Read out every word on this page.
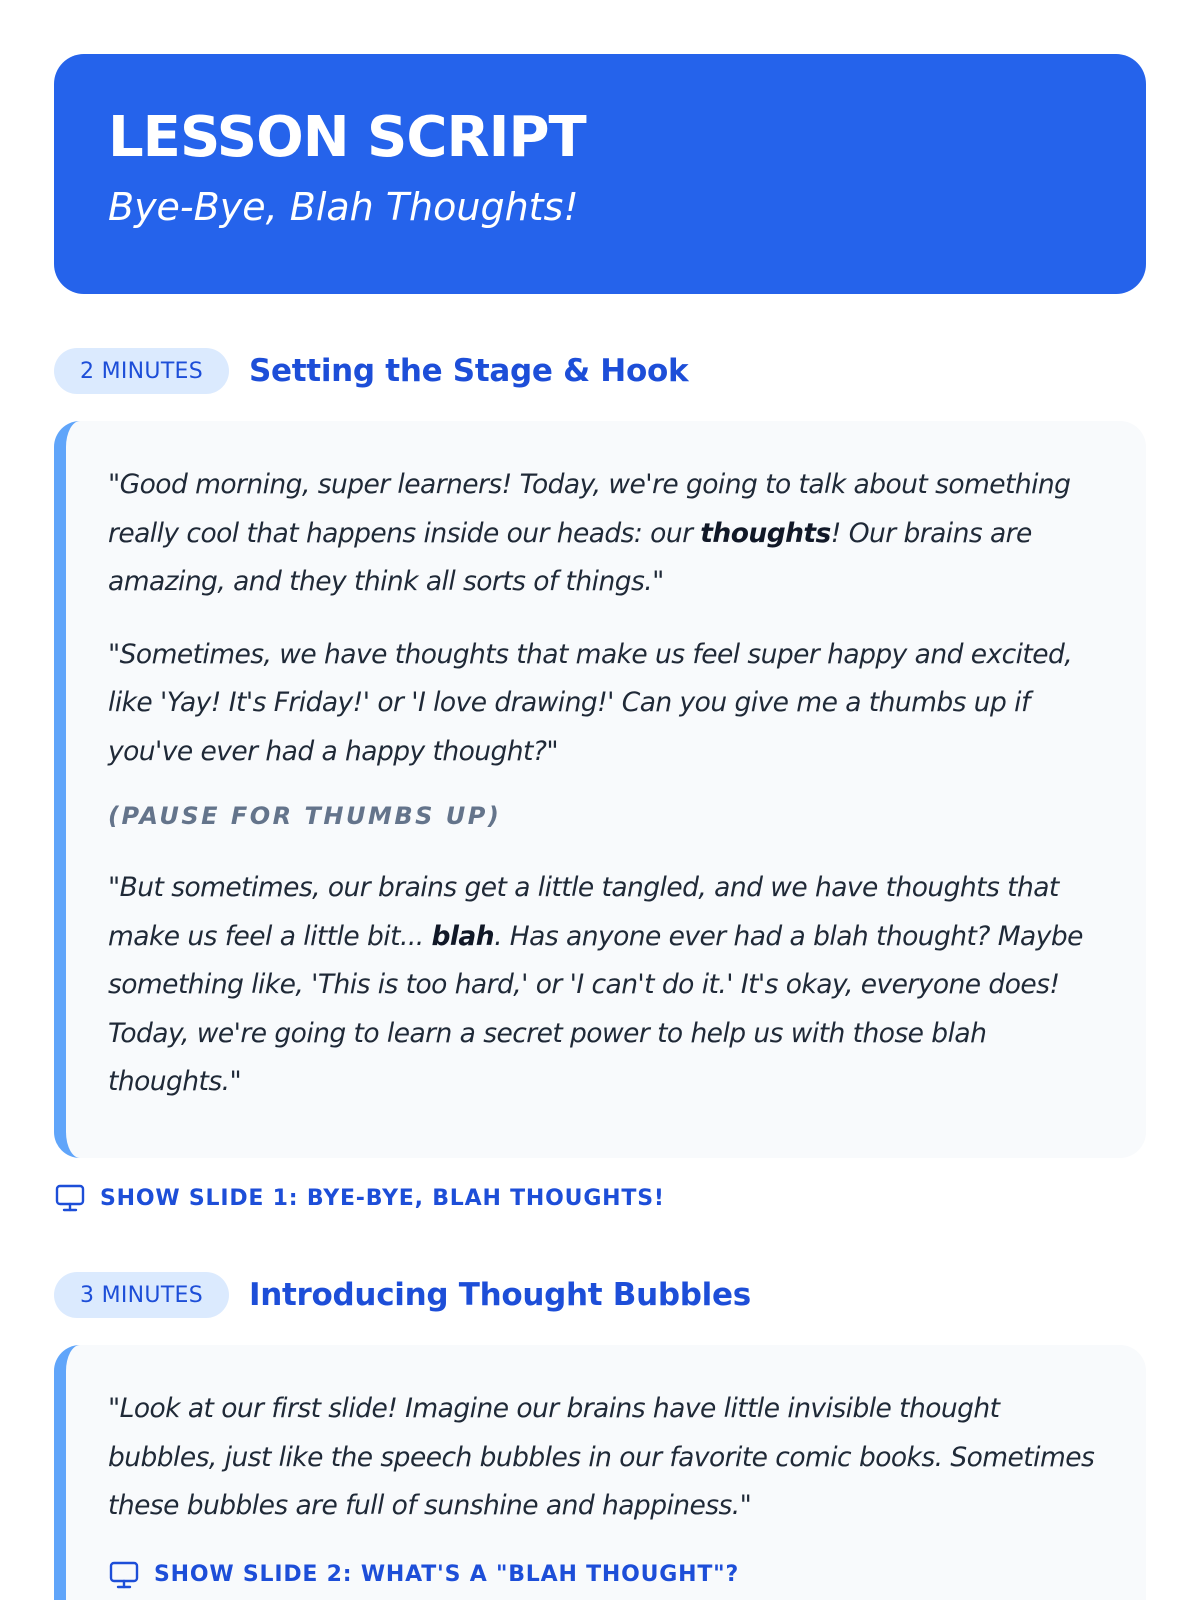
LESSON SCRIPT
Bye-Bye, Blah Thoughts!
2 MINUTES	Setting the Stage & Hook

"Good morning, super learners! Today, we're going to talk about something really cool that happens inside our heads: our thoughts! Our brains are amazing, and they think all sorts of things."

"Sometimes, we have thoughts that make us feel super happy and excited, like 'Yay! It's Friday!' or 'I love drawing!' Can you give me a thumbs up if you've ever had a happy thought?"

(PAUSE FOR THUMBS UP)

"But sometimes, our brains get a little tangled, and we have thoughts that make us feel a little bit... blah. Has anyone ever had a blah thought? Maybe something like, 'This is too hard,' or 'I can't do it.' It's okay, everyone does! Today, we're going to learn a secret power to help us with those blah thoughts."

SHOW SLIDE 1: BYE-BYE, BLAH THOUGHTS!
3 MINUTES	Introducing Thought Bubbles

"Look at our first slide! Imagine our brains have little invisible thought bubbles, just like the speech bubbles in our favorite comic books. Sometimes these bubbles are full of sunshine and happiness."

SHOW SLIDE 2: WHAT'S A "BLAH THOUGHT"?
